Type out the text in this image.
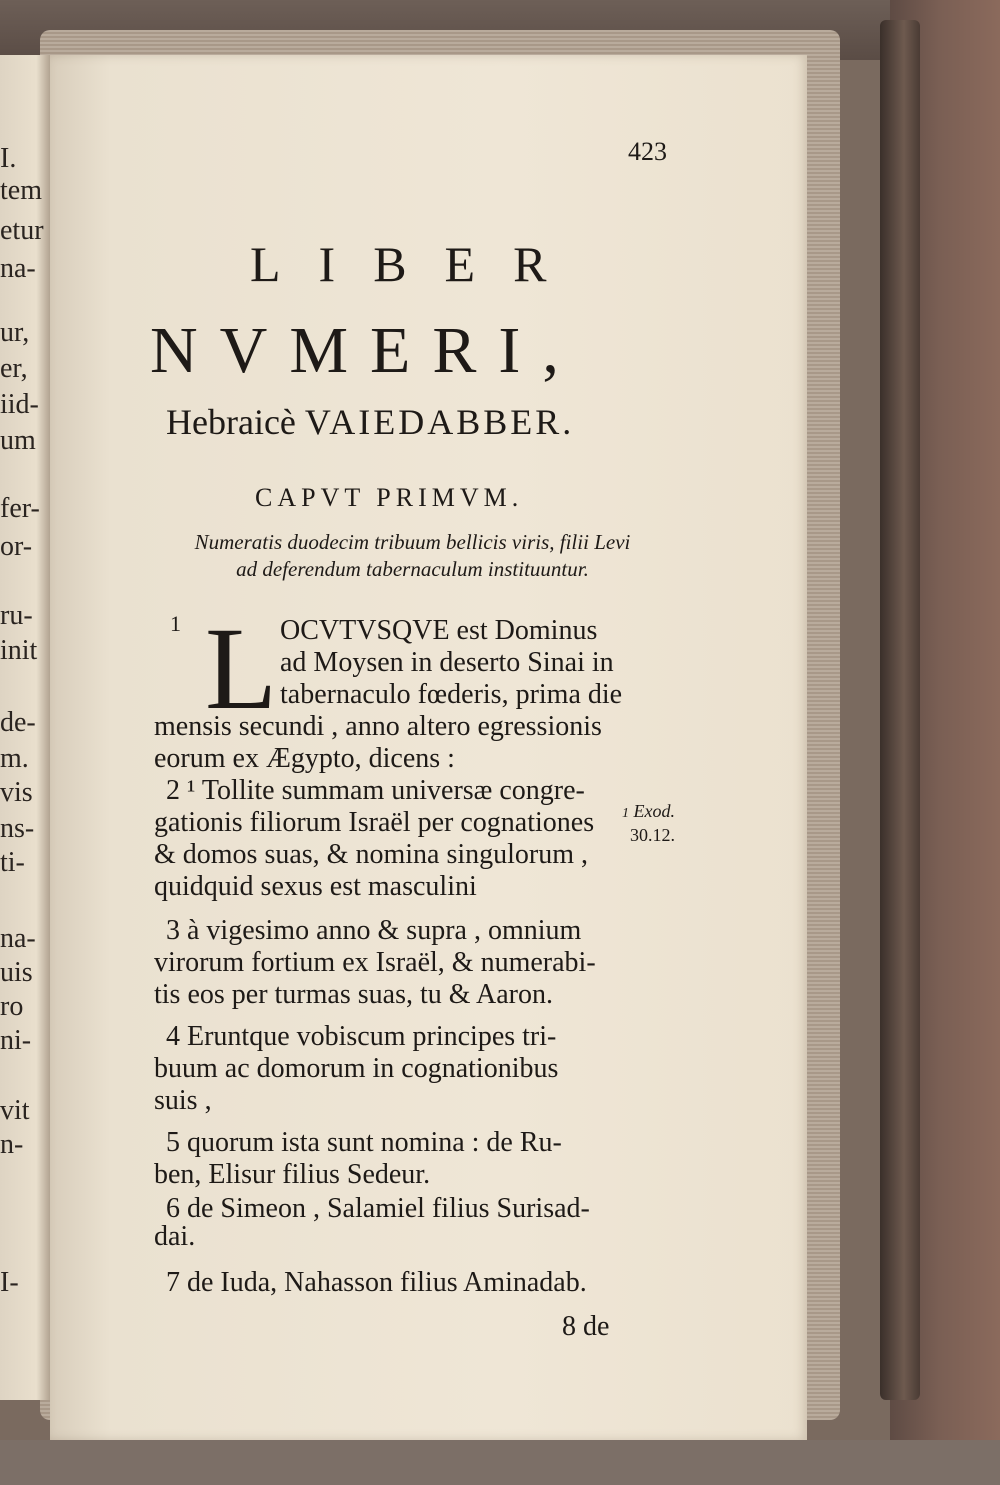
I.
tem
etur
na-
ur,
er,
iid-
um
fer-
or-
ru-
init
de-
m.
vis
ns-
ti-
na-
uis
ro
ni-
vit
n-
I-
423
LIBER
NVMERI,
Hebraicè VAIEDABBER.
CAPVT PRIMVM.
Numeratis duodecim tribuum bellicis viris, filii Levi
ad deferendum tabernaculum instituuntur.
1 L OCVTVSQVE est Dominus
ad Moysen in deserto Sinai in
tabernaculo fœderis, prima die
mensis secundi , anno altero egressionis
eorum ex Ægypto, dicens :
2 ¹ Tollite summam universæ congre-
gationis filiorum Israël per cognationes
& domos suas, & nomina singulorum ,
quidquid sexus est masculini
3 à vigesimo anno & supra , omnium
virorum fortium ex Israël, & numerabi-
tis eos per turmas suas, tu & Aaron.
4 Eruntque vobiscum principes tri-
buum ac domorum in cognationibus
suis ,
5 quorum ista sunt nomina : de Ru-
ben, Elisur filius Sedeur.
6 de Simeon , Salamiel filius Surisad-
dai.
7 de Iuda, Nahasson filius Aminadab.
8 de
1 Exod.
30.12.
